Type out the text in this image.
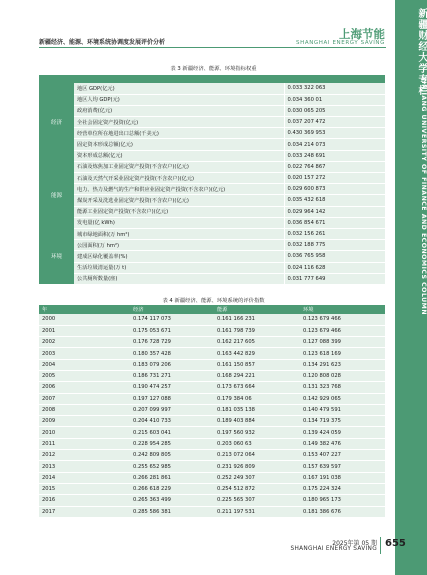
新疆财经大学专栏
XINJIANG UNIVERSITY OF FINANCE AND ECONOMICS COLUMN
新疆经济、能源、环境系统协调度发展评价分析
上海节能
SHANGHAI ENERGY SAVING
表 3 新疆经济、能源、环境指标权重

经济	地区 GDP(亿元)	0.033 322 063
	地区人均 GDP(元)	0.034 360 01
	政府消费(亿元)	0.030 065 205
	全社会固定资产投资(亿元)	0.037 207 472
	经营单位所在地进出口总额(千美元)	0.430 369 953
	固定资本形成总额(亿元)	0.034 214 073
	资本形成总额(亿元)	0.033 248 691
能源	石油及炼焦加工业固定资产投资(不含农户)(亿元)	0.022 764 867
	石油及天然气开采业固定资产投资(不含农户)(亿元)	0.020 157 272
	电力、热力及燃气的生产和供应业固定资产投资(不含农户)(亿元)	0.029 600 873
	煤炭开采及洗选业固定资产投资(不含农户)(亿元)	0.035 432 618
	能源工业固定资产投资(不含农户)(亿元)	0.029 964 142
	发电量(亿 kWh)	0.036 854 671
环境	城市绿地面积(万 hm²)	0.032 156 261
	公园面积(万 hm²)	0.032 188 775
	建成区绿化覆盖率(%)	0.036 765 958
	生活垃圾清运量(万 t)	0.024 116 628
	公共厕所数量(座)	0.031 777 649
表 4 新疆经济、能源、环境系统的评价指数
年	经济	能源	环境
2000	0.174 117 073	0.161 166 231	0.123 679 466
2001	0.175 053 671	0.161 798 739	0.123 679 466
2002	0.176 728 729	0.162 217 605	0.127 088 399
2003	0.180 357 428	0.163 442 829	0.123 618 169
2004	0.183 079 206	0.161 150 857	0.134 291 623
2005	0.186 731 271	0.168 294 221	0.120 808 028
2006	0.190 474 257	0.173 673 664	0.131 323 768
2007	0.197 127 088	0.179 384 06	0.142 929 065
2008	0.207 099 997	0.181 035 138	0.140 479 591
2009	0.204 410 733	0.189 403 884	0.134 719 375
2010	0.215 603 041	0.197 560 932	0.139 424 059
2011	0.228 954 285	0.203 060 63	0.149 382 476
2012	0.242 809 805	0.213 072 064	0.153 407 227
2013	0.255 652 985	0.231 926 809	0.157 639 597
2014	0.266 281 861	0.252 249 307	0.167 191 038
2015	0.266 618 229	0.254 512 872	0.175 224 324
2016	0.265 363 499	0.225 565 307	0.180 965 173
2017	0.285 586 381	0.211 197 531	0.181 386 676
2025年第 05 期
SHANGHAI ENERGY SAVING 655
